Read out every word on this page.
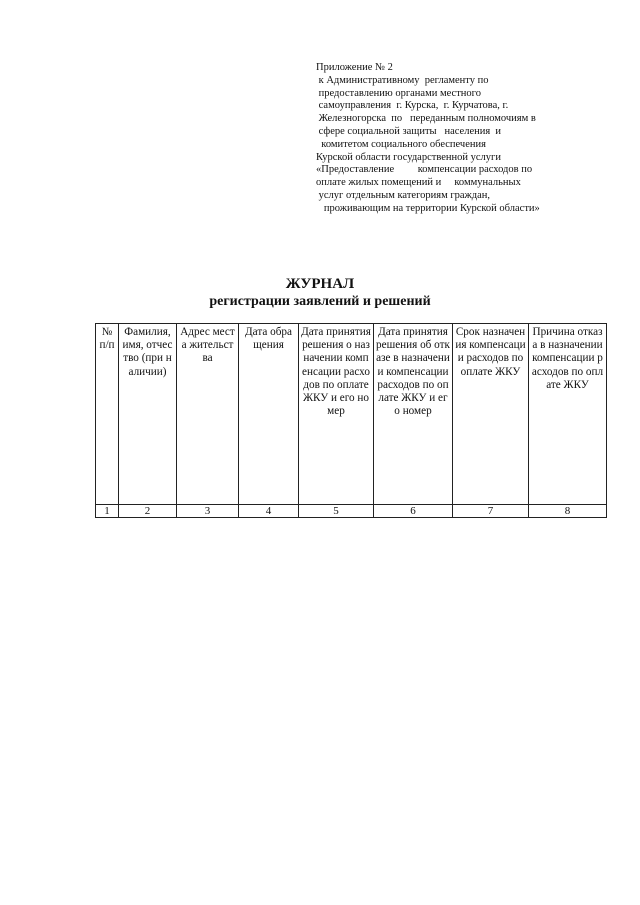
Приложение № 2
к Административному  регламенту по
предоставлению органами местного
самоуправления  г. Курска,  г. Курчатова, г.
Железногорска  по   переданным полномочиям в
сфере социальной защиты   населения  и
комитетом социального обеспечения
Курской области государственной услуги
«Предоставление         компенсации расходов по
оплате жилых помещений и     коммунальных
услуг отдельным категориям граждан,
проживающим на территории Курской области»
ЖУРНАЛ
регистрации заявлений и решений
№ п/п	Фамилия, имя, отчество (при наличии)	Адрес места жительства	Дата обращения	Дата принятия решения о назначении компенсации расходов по оплате ЖКУ и его номер	Дата принятия решения об отказе в назначении компенсации расходов по оплате ЖКУ и его номер	Срок назначения компенсации расходов по оплате ЖКУ	Причина отказа в назначении компенсации расходов по оплате ЖКУ
1	2	3	4	5	6	7	8
